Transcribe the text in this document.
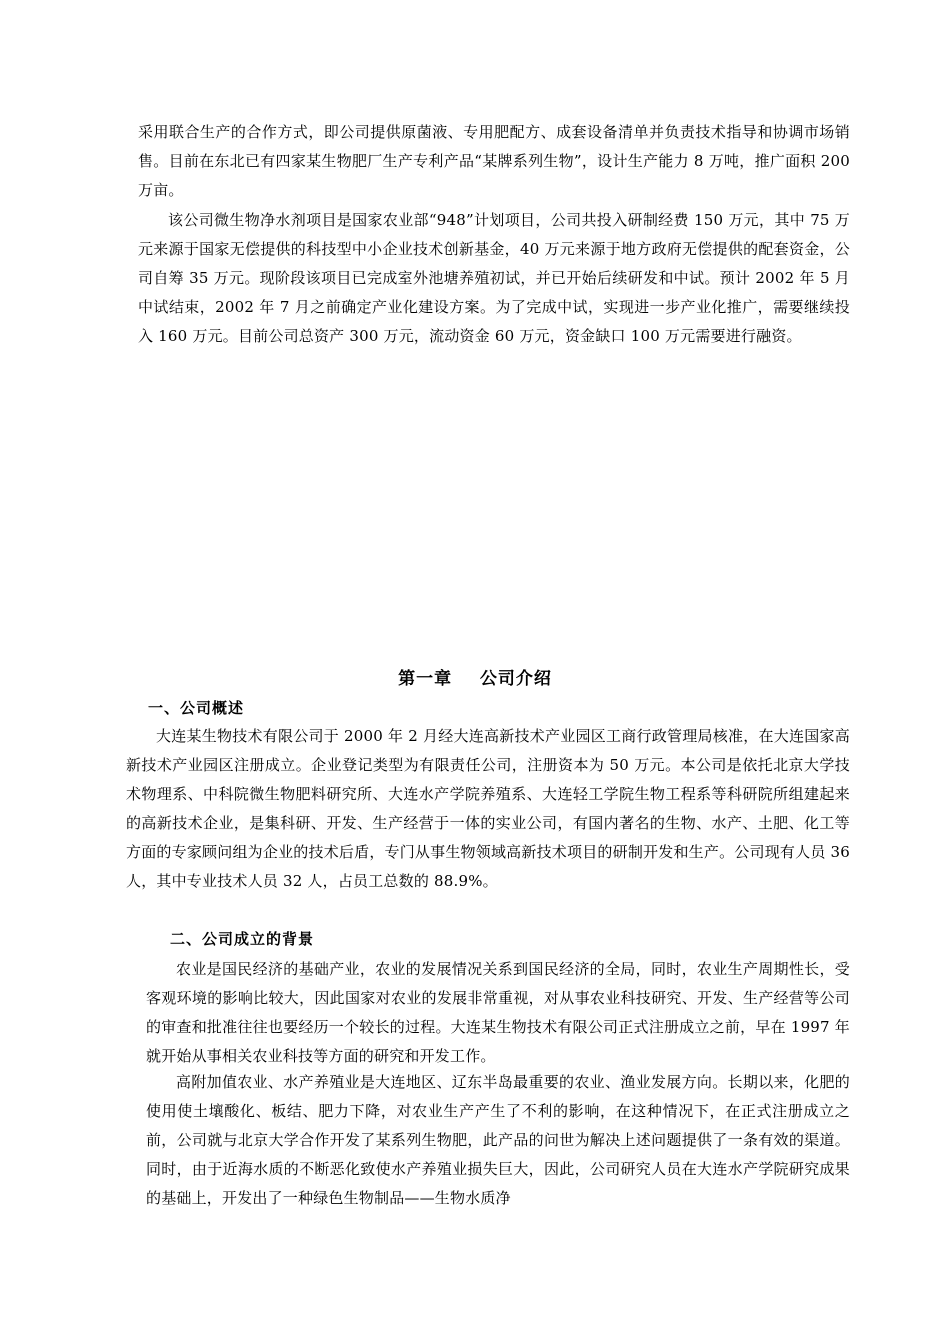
采用联合生产的合作方式，即公司提供原菌液、专用肥配方、成套设备清单并负责技术指导和协调市场销售。目前在东北已有四家某生物肥厂生产专利产品“某牌系列生物”，设计生产能力 8 万吨，推广面积 200 万亩。

该公司微生物净水剂项目是国家农业部“948”计划项目，公司共投入研制经费 150 万元，其中 75 万元来源于国家无偿提供的科技型中小企业技术创新基金，40 万元来源于地方政府无偿提供的配套资金，公司自筹 35 万元。现阶段该项目已完成室外池塘养殖初试，并已开始后续研发和中试。预计 2002 年 5 月中试结束，2002 年 7 月之前确定产业化建设方案。为了完成中试，实现进一步产业化推广，需要继续投入 160 万元。目前公司总资产 300 万元，流动资金 60 万元，资金缺口 100 万元需要进行融资。

第一章    公司介绍
一、公司概述

大连某生物技术有限公司于 2000 年 2 月经大连高新技术产业园区工商行政管理局核准，在大连国家高新技术产业园区注册成立。企业登记类型为有限责任公司，注册资本为 50 万元。本公司是依托北京大学技术物理系、中科院微生物肥料研究所、大连水产学院养殖系、大连轻工学院生物工程系等科研院所组建起来的高新技术企业，是集科研、开发、生产经营于一体的实业公司，有国内著名的生物、水产、土肥、化工等方面的专家顾问组为企业的技术后盾，专门从事生物领域高新技术项目的研制开发和生产。公司现有人员 36 人，其中专业技术人员 32 人，占员工总数的 88.9%。

二、公司成立的背景

农业是国民经济的基础产业，农业的发展情况关系到国民经济的全局，同时，农业生产周期性长，受客观环境的影响比较大，因此国家对农业的发展非常重视，对从事农业科技研究、开发、生产经营等公司的审查和批准往往也要经历一个较长的过程。大连某生物技术有限公司正式注册成立之前，早在 1997 年就开始从事相关农业科技等方面的研究和开发工作。

高附加值农业、水产养殖业是大连地区、辽东半岛最重要的农业、渔业发展方向。长期以来，化肥的使用使土壤酸化、板结、肥力下降，对农业生产产生了不利的影响，在这种情况下，在正式注册成立之前，公司就与北京大学合作开发了某系列生物肥，此产品的问世为解决上述问题提供了一条有效的渠道。同时，由于近海水质的不断恶化致使水产养殖业损失巨大，因此，公司研究人员在大连水产学院研究成果的基础上，开发出了一种绿色生物制品——生物水质净
